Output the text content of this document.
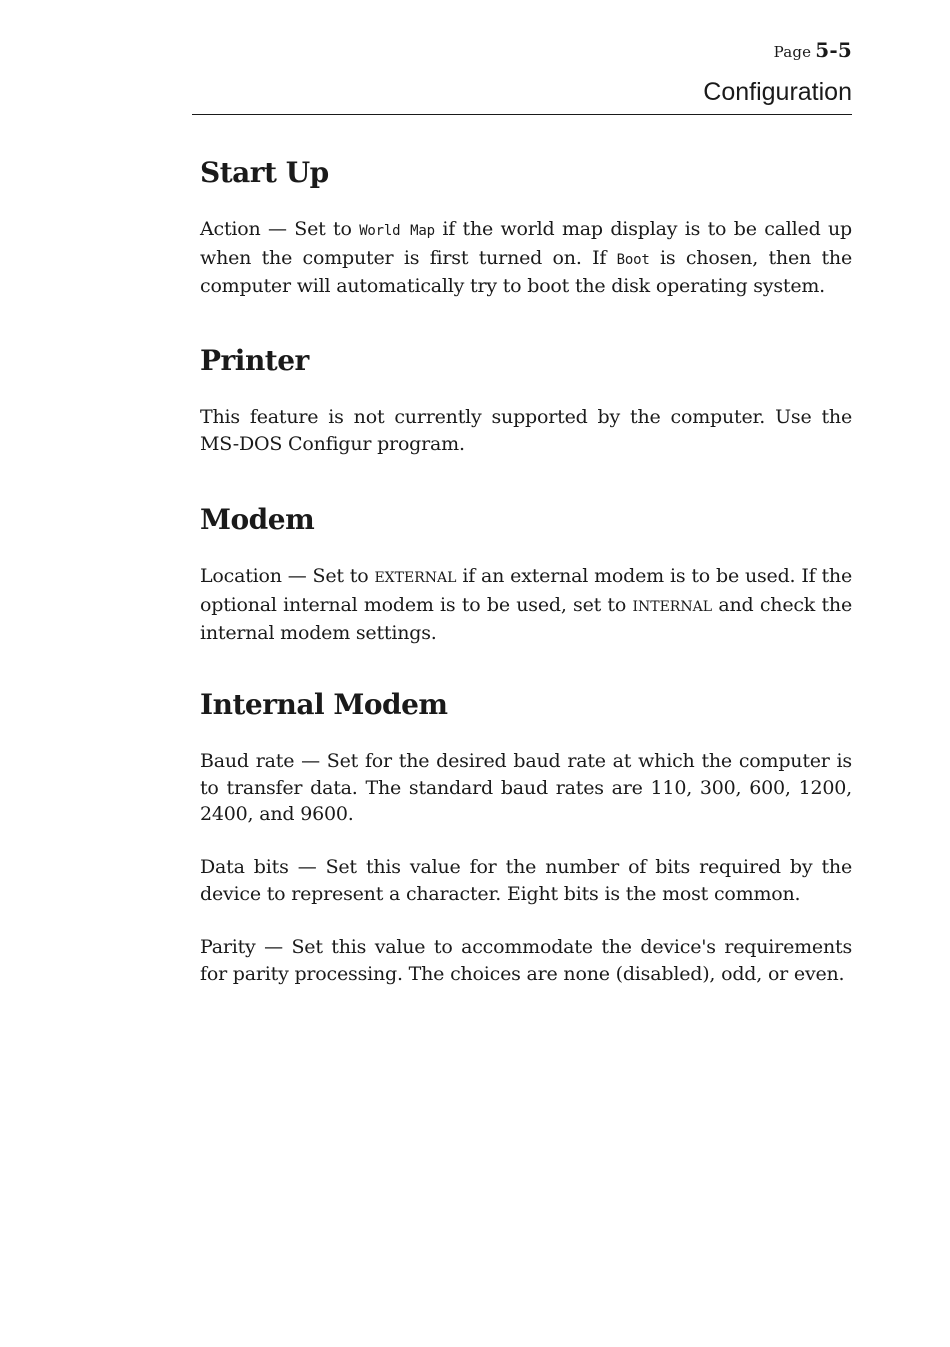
Page 5-5
Configuration
Start Up

Action — Set to World Map if the world map display is to be called up when the computer is first turned on. If Boot is chosen, then the computer will automatically try to boot the disk operating system.

Printer

This feature is not currently supported by the computer. Use the MS-DOS Configur program.

Modem

Location — Set to EXTERNAL if an external modem is to be used. If the optional internal modem is to be used, set to INTERNAL and check the internal modem settings.

Internal Modem

Baud rate — Set for the desired baud rate at which the computer is to transfer data. The standard baud rates are 110, 300, 600, 1200, 2400, and 9600.

Data bits — Set this value for the number of bits required by the device to represent a character. Eight bits is the most common.

Parity — Set this value to accommodate the device's requirements for parity processing. The choices are none (disabled), odd, or even.
